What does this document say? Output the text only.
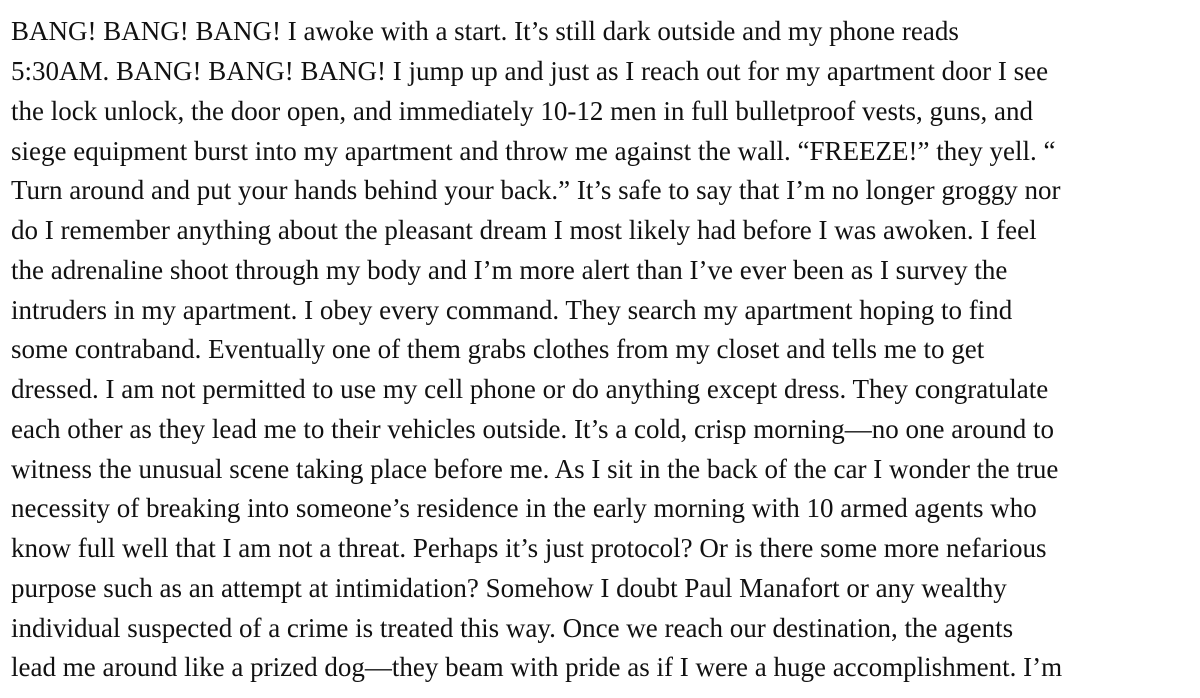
BANG! BANG! BANG! I awoke with a start. It’s still dark outside and my phone reads
5:30AM. BANG! BANG! BANG! I jump up and just as I reach out for my apartment door I see
the lock unlock, the door open, and immediately 10-12 men in full bulletproof vests, guns, and
siege equipment burst into my apartment and throw me against the wall. “FREEZE!” they yell. “
Turn around and put your hands behind your back.” It’s safe to say that I’m no longer groggy nor
do I remember anything about the pleasant dream I most likely had before I was awoken. I feel
the adrenaline shoot through my body and I’m more alert than I’ve ever been as I survey the
intruders in my apartment. I obey every command. They search my apartment hoping to find
some contraband. Eventually one of them grabs clothes from my closet and tells me to get
dressed. I am not permitted to use my cell phone or do anything except dress. They congratulate
each other as they lead me to their vehicles outside. It’s a cold, crisp morning—no one around to
witness the unusual scene taking place before me. As I sit in the back of the car I wonder the true
necessity of breaking into someone’s residence in the early morning with 10 armed agents who
know full well that I am not a threat. Perhaps it’s just protocol? Or is there some more nefarious
purpose such as an attempt at intimidation? Somehow I doubt Paul Manafort or any wealthy
individual suspected of a crime is treated this way. Once we reach our destination, the agents
lead me around like a prized dog—they beam with pride as if I were a huge accomplishment. I’m
